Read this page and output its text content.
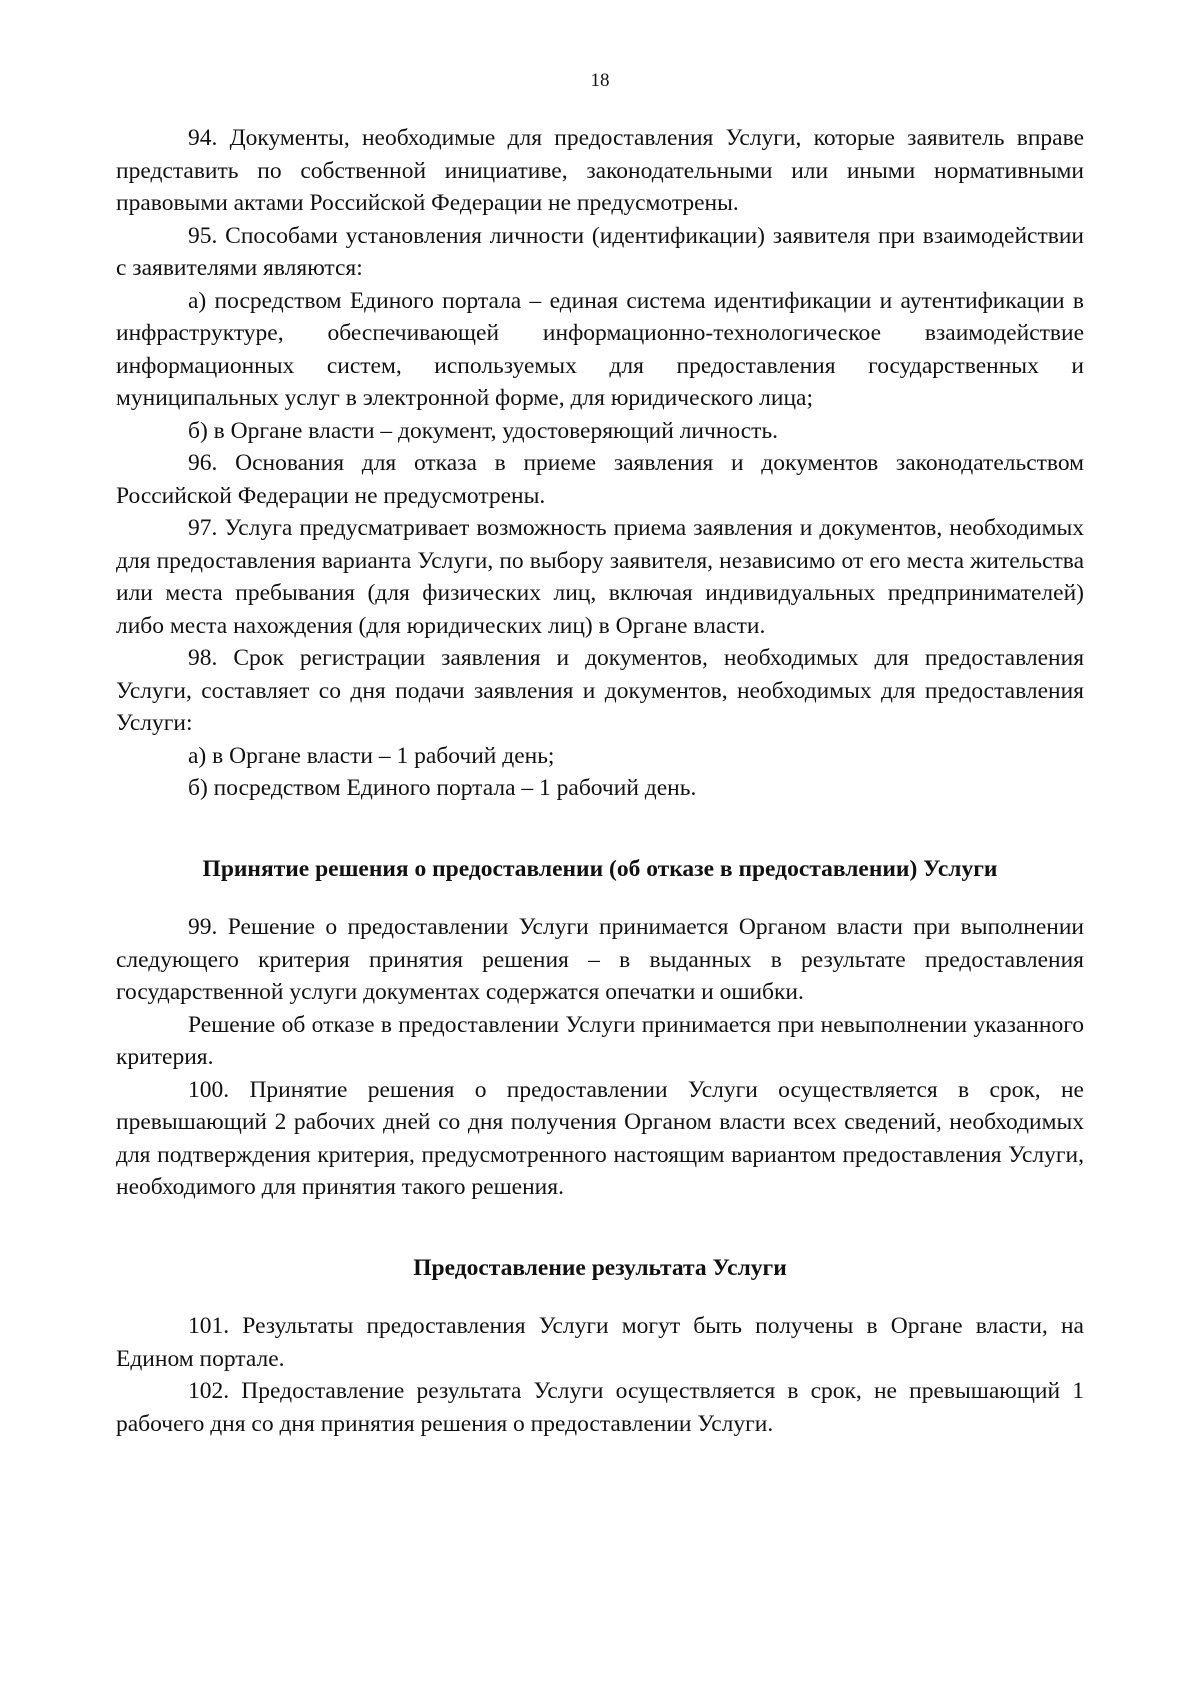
18

94. Документы, необходимые для предоставления Услуги, которые заявитель вправе представить по собственной инициативе, законодательными или иными нормативными правовыми актами Российской Федерации не предусмотрены.

95. Способами установления личности (идентификации) заявителя при взаимодействии с заявителями являются:

а) посредством Единого портала – единая система идентификации и аутентификации в инфраструктуре, обеспечивающей информационно-технологическое взаимодействие информационных систем, используемых для предоставления государственных и муниципальных услуг в электронной форме, для юридического лица;

б) в Органе власти – документ, удостоверяющий личность.

96. Основания для отказа в приеме заявления и документов законодательством Российской Федерации не предусмотрены.

97. Услуга предусматривает возможность приема заявления и документов, необходимых для предоставления варианта Услуги, по выбору заявителя, независимо от его места жительства или места пребывания (для физических лиц, включая индивидуальных предпринимателей) либо места нахождения (для юридических лиц) в Органе власти.

98. Срок регистрации заявления и документов, необходимых для предоставления Услуги, составляет со дня подачи заявления и документов, необходимых для предоставления Услуги:

а) в Органе власти – 1 рабочий день;

б) посредством Единого портала – 1 рабочий день.

Принятие решения о предоставлении (об отказе в предоставлении) Услуги

99. Решение о предоставлении Услуги принимается Органом власти при выполнении следующего критерия принятия решения – в выданных в результате предоставления государственной услуги документах содержатся опечатки и ошибки.

Решение об отказе в предоставлении Услуги принимается при невыполнении указанного критерия.

100. Принятие решения о предоставлении Услуги осуществляется в срок, не превышающий 2 рабочих дней со дня получения Органом власти всех сведений, необходимых для подтверждения критерия, предусмотренного настоящим вариантом предоставления Услуги, необходимого для принятия такого решения.

Предоставление результата Услуги

101. Результаты предоставления Услуги могут быть получены в Органе власти, на Едином портале.

102. Предоставление результата Услуги осуществляется в срок, не превышающий 1 рабочего дня со дня принятия решения о предоставлении Услуги.
